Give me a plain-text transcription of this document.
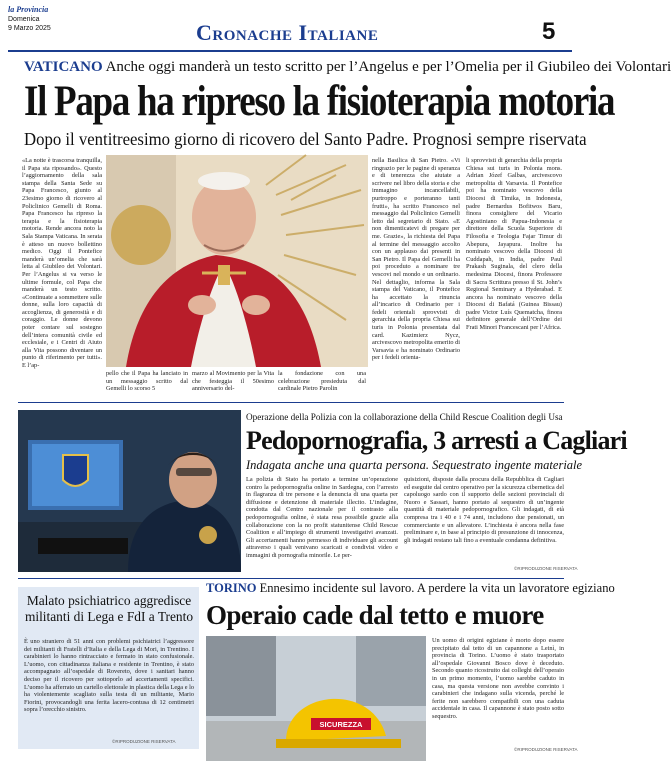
la Provincia
Domenica
9 Marzo 2025	Cronache Italiane	5
VATICANO Anche oggi manderà un testo scritto per l’Angelus e per l’Omelia per il Giubileo dei Volontari
Il Papa ha ripreso la fisioterapia motoria
Dopo il ventitreesimo giorno di ricovero del Santo Padre. Prognosi sempre riservata
«La notte è trascorsa tranquilla, il Papa sta riposando». Questo l’aggiornamento della sala stampa della Santa Sede su Papa Francesco, giunto al 23esimo giorno di ricovero al Policlinico Gemelli di Roma. Papa Francesco ha ripreso la terapia e la fisioterapia motoria. Rende ancora noto la Sala Stampa Vaticana. In serata è atteso un nuovo bollettino medico. Oggi il Pontefice manderà un’omelia che sarà letta al Giubileo dei Volontari. Per l’Angelus si va verso le ultime formule, col Papa che manderà un testo scritto. «Continuate a sommettere sulle donne, sulla loro capacità di accoglienza, di generosità e di coraggio. Le donne devono poter contare sul sostegno dell’intera comunità civile ed ecclesiale, e i Centri di Aiuto alla Vita possono diventare un punto di riferimento per tutti». E l’ap-
pello che il Papa ha lanciato in un messaggio scritto dal Gemelli lo scorso 5
marzo al Movimento per la Vita che festeggia il 50esimo anniversario del-
la fondazione con una celebrazione presieduta dal cardinale Pietro Parolin
nella Basilica di San Pietro. «Vi ringrazio per le pagine di speranza e di tenerezza che aiutate a scrivere nel libro della storia e che immagino incancellabili, purtroppo e porteranno tanti frutti», ha scritto Francesco nel messaggio dal Policlinico Gemelli letto dal segretario di Stato. «E non dimenticatevi di pregare per me. Grazie», la richiesta del Papa al termine del messaggio accolto con un applauso dai presenti in San Pietro. Il Papa del Gemelli ha poi proceduto a nominare tre vescovi nel mondo e un ordinario. Nel dettaglio, informa la Sala stampa del Vaticano, il Pontefice ha accettato la rinuncia all’incarico di Ordinario per i fedeli orientali sprovvisti di gerarchia della propria Chiesa sui turis in Polonia presentata dal card. Kazimierz Nycz, arcivescovo metropolita emerito di Varsavia e ha nominato Ordinario per i fedeli orienta-
li sprovvisti di gerarchia della propria Chiesa sui turis in Polonia mons. Adrian Józef Galbas, arcivescovo metropolita di Varsavia. Il Pontefice poi ha nominato vescovo della Diocesi di Timika, in Indonesia, padre Bernardus Bofitwos Baru, finora consigliere del Vicario Agostiniano di Papua-Indonesia e direttore della Scuola Superiore di Filosofia e Teologia Fajar Timur di Abepura, Jayapura. Inoltre ha nominato vescovo della Diocesi di Cuddapah, in India, padre Paul Prakash Suginala, del clero della medesima Diocesi, finora Professore di Sacra Scrittura presso il St. John’s Regional Seminary a Hyderabad. E ancora ha nominato vescovo della Diocesi di Bafatá (Guinea Bissau) padre Victor Luís Quematcha, finora definitore generale dell’Ordine dei Frati Minori Francescani per l’Africa.
Operazione della Polizia con la collaborazione della Child Rescue Coalition degli Usa
Pedopornografia, 3 arresti a Cagliari
Indagata anche una quarta persona. Sequestrato ingente materiale
La polizia di Stato ha portato a termine un’operazione contro la pedopornografia online in Sardegna, con l’arresto in flagranza di tre persone e la denuncia di una quarta per diffusione e detenzione di materiale illecito. L’indagine, condotta dal Centro nazionale per il contrasto alla pedopornografia online, è stata resa possibile grazie alla collaborazione con la no profit statunitense Child Rescue Coalition e all’impiego di strumenti investigativi avanzati. Gli accertamenti hanno permesso di individuare gli account attraverso i quali venivano scaricati e condivisi video e immagini di pornografia minorile. Le per-
quisizioni, disposte dalla procura della Repubblica di Cagliari ed eseguite dal centro operativo per la sicurezza cibernetica del capoluogo sardo con il supporto delle sezioni provinciali di Nuoro e Sassari, hanno portato al sequestro di un’ingente quantità di materiale pedopornografico. Gli indagati, di età compresa tra i 40 e i 74 anni, includono due pensionati, un commerciante e un allevatore. L’inchiesta è ancora nella fase preliminare e, in base al principio di presunzione di innocenza, gli indagati restano tali fino a eventuale condanna definitiva.
©RIPRODUZIONE RISERVATA
Malato psichiatrico aggredisce militanti di Lega e FdI a Trento
È uno straniero di 51 anni con problemi psichiatrici l’aggressore dei militanti di Fratelli d’Italia e della Lega di Mori, in Trentino. I carabinieri lo hanno rintracciato e fermato in stato confusionale. L’uomo, con cittadinanza italiana e residente in Trentino, è stato accompagnato all’ospedale di Rovereto, dove i sanitari hanno deciso per il ricovero per sottoporlo ad accertamenti specifici. L’uomo ha afferrato un cartello elettorale in plastica della Lega e lo ha violentemente scagliato sulla testa di un militante, Mario Fiorini, provocandogli una ferita lacero-contusa di 12 centimetri sopra l’orecchio sinistro.
©RIPRODUZIONE RISERVATA
TORINO Ennesimo incidente sul lavoro. A perdere la vita un lavoratore egiziano
Operaio cade dal tetto e muore
SICUREZZA
Un uomo di origini egiziane è morto dopo essere precipitato dal tetto di un capannone a Leinì, in provincia di Torino. L’uomo è stato trasportato all’ospedale Giovanni Bosco dove è deceduto. Secondo quanto ricostruito dai colleghi dell’operaio in un primo momento, l’uomo sarebbe caduto in casa, ma questa versione non avrebbe convinto i carabinieri che indagano sulla vicenda, perché le ferite non sarebbero compatibili con una caduta accidentale in casa. Il capannone è stato posto sotto sequestro.
©RIPRODUZIONE RISERVATA
